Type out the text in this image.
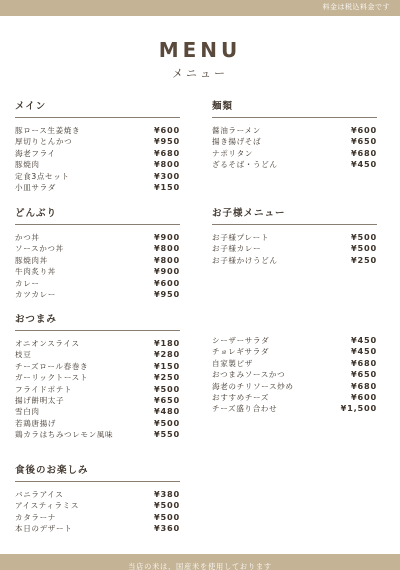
料金は税込料金です
MENU
メニュー
メイン
豚ロース生姜焼き	¥600
厚切りとんかつ	¥950
海老フライ	¥680
豚焼肉	¥800
定食3点セット	¥300
小皿サラダ	¥150
麺類
醤油ラーメン	¥600
揚き揚げそば	¥650
ナポリタン	¥680
ざるそば・うどん	¥450
どんぶり
かつ丼	¥900
ソースかつ丼	¥800
豚焼肉丼	¥800
牛肉炙り丼	¥900
カレー	¥600
カツカレー	¥950
お子様メニュー
お子様プレート	¥500
お子様カレー	¥500
お子様かけうどん	¥250
おつまみ
オニオンスライス	¥180
枝豆	¥280
チーズロール春巻き	¥150
ガーリックトースト	¥250
フライドポテト	¥500
揚げ餅明太子	¥650
雪白肉	¥480
若鶏唐揚げ	¥500
鶏カラはちみつレモン風味	¥550
シーザーサラダ	¥450
チョレギサラダ	¥450
自家製ピザ	¥680
おつまみソースかつ	¥650
海老のチリソース炒め	¥680
おすすめチーズ	¥600
チーズ盛り合わせ	¥1,500
食後のお楽しみ
バニラアイス	¥380
アイスティラミス	¥500
カタラーナ	¥500
本日のデザート	¥360
当店の米は、国産米を使用しております
